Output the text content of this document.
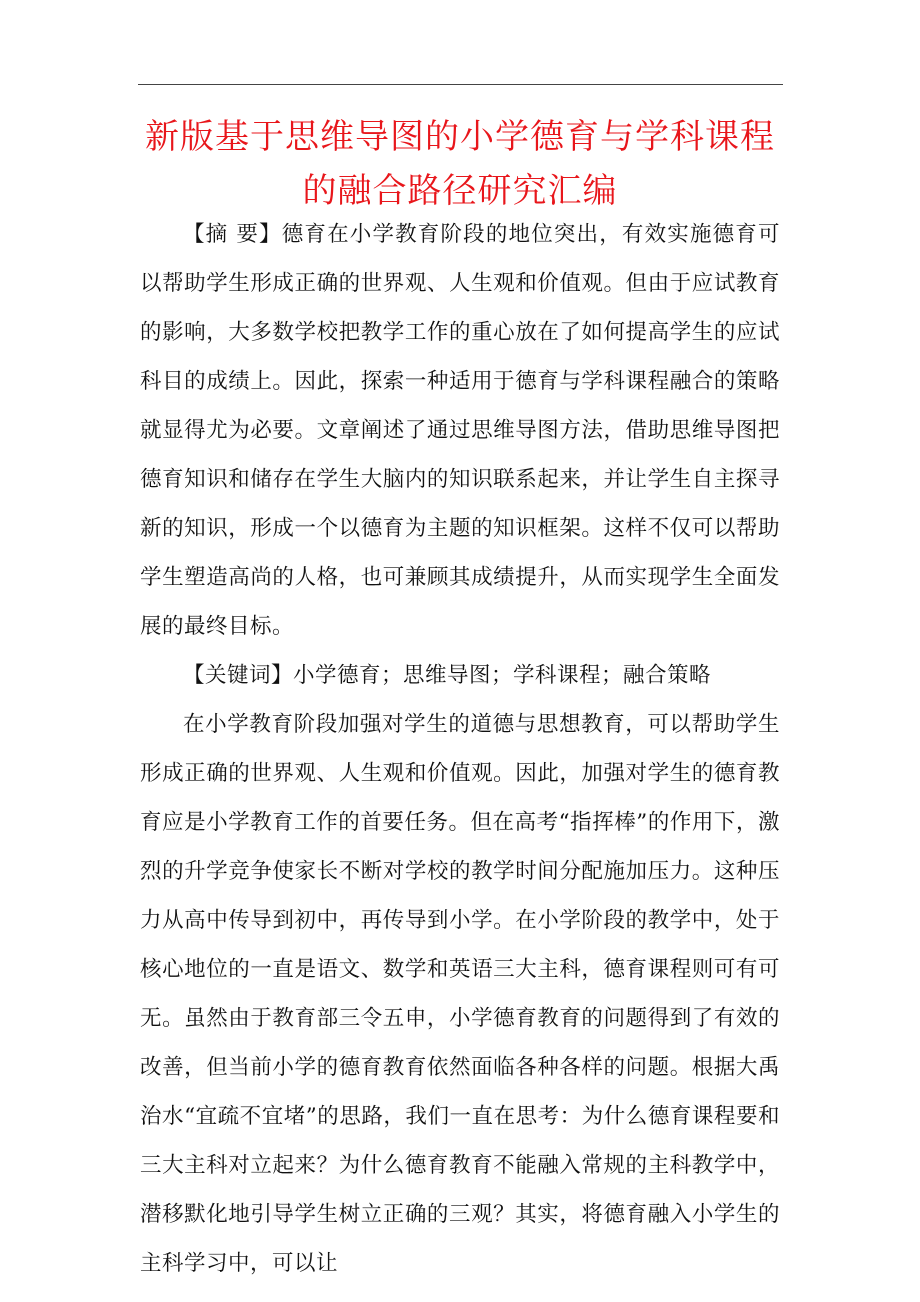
新版基于思维导图的小学德育与学科课程
的融合路径研究汇编

【摘 要】德育在小学教育阶段的地位突出，有效实施德育可以帮助学生形成正确的世界观、人生观和价值观。但由于应试教育的影响，大多数学校把教学工作的重心放在了如何提高学生的应试科目的成绩上。因此，探索一种适用于德育与学科课程融合的策略就显得尤为必要。文章阐述了通过思维导图方法，借助思维导图把德育知识和储存在学生大脑内的知识联系起来，并让学生自主探寻新的知识，形成一个以德育为主题的知识框架。这样不仅可以帮助学生塑造高尚的人格，也可兼顾其成绩提升，从而实现学生全面发展的最终目标。

【关键词】小学德育；思维导图；学科课程；融合策略

在小学教育阶段加强对学生的道德与思想教育，可以帮助学生形成正确的世界观、人生观和价值观。因此，加强对学生的德育教育应是小学教育工作的首要任务。但在高考“指挥棒”的作用下，激烈的升学竞争使家长不断对学校的教学时间分配施加压力。这种压力从高中传导到初中，再传导到小学。在小学阶段的教学中，处于核心地位的一直是语文、数学和英语三大主科，德育课程则可有可无。虽然由于教育部三令五申，小学德育教育的问题得到了有效的改善，但当前小学的德育教育依然面临各种各样的问题。根据大禹治水“宜疏不宜堵”的思路，我们一直在思考：为什么德育课程要和三大主科对立起来？为什么德育教育不能融入常规的主科教学中，潜移默化地引导学生树立正确的三观？其实，将德育融入小学生的主科学习中，可以让
